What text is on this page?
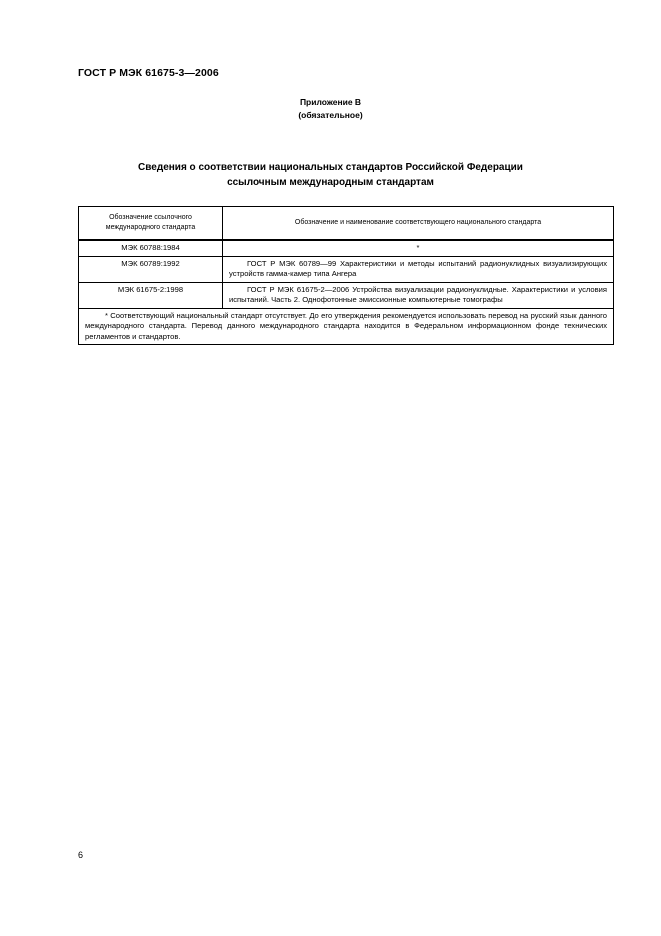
ГОСТ Р МЭК 61675-3—2006
Приложение В
(обязательное)
Сведения о соответствии национальных стандартов Российской Федерации
ссылочным международным стандартам
Обозначение ссылочного международного стандарта	Обозначение и наименование соответствующего национального стандарта
МЭК 60788:1984	*
МЭК 60789:1992	ГОСТ Р МЭК 60789—99 Характеристики и методы испытаний радионуклидных визуализирующих устройств гамма-камер типа Ангера
МЭК 61675-2:1998	ГОСТ Р МЭК 61675-2—2006 Устройства визуализации радионуклидные. Характеристики и условия испытаний. Часть 2. Однофотонные эмиссионные компьютерные томографы
* Соответствующий национальный стандарт отсутствует. До его утверждения рекомендуется использовать перевод на русский язык данного международного стандарта. Перевод данного международного стандарта находится в Федеральном информационном фонде технических регламентов и стандартов.	
6
